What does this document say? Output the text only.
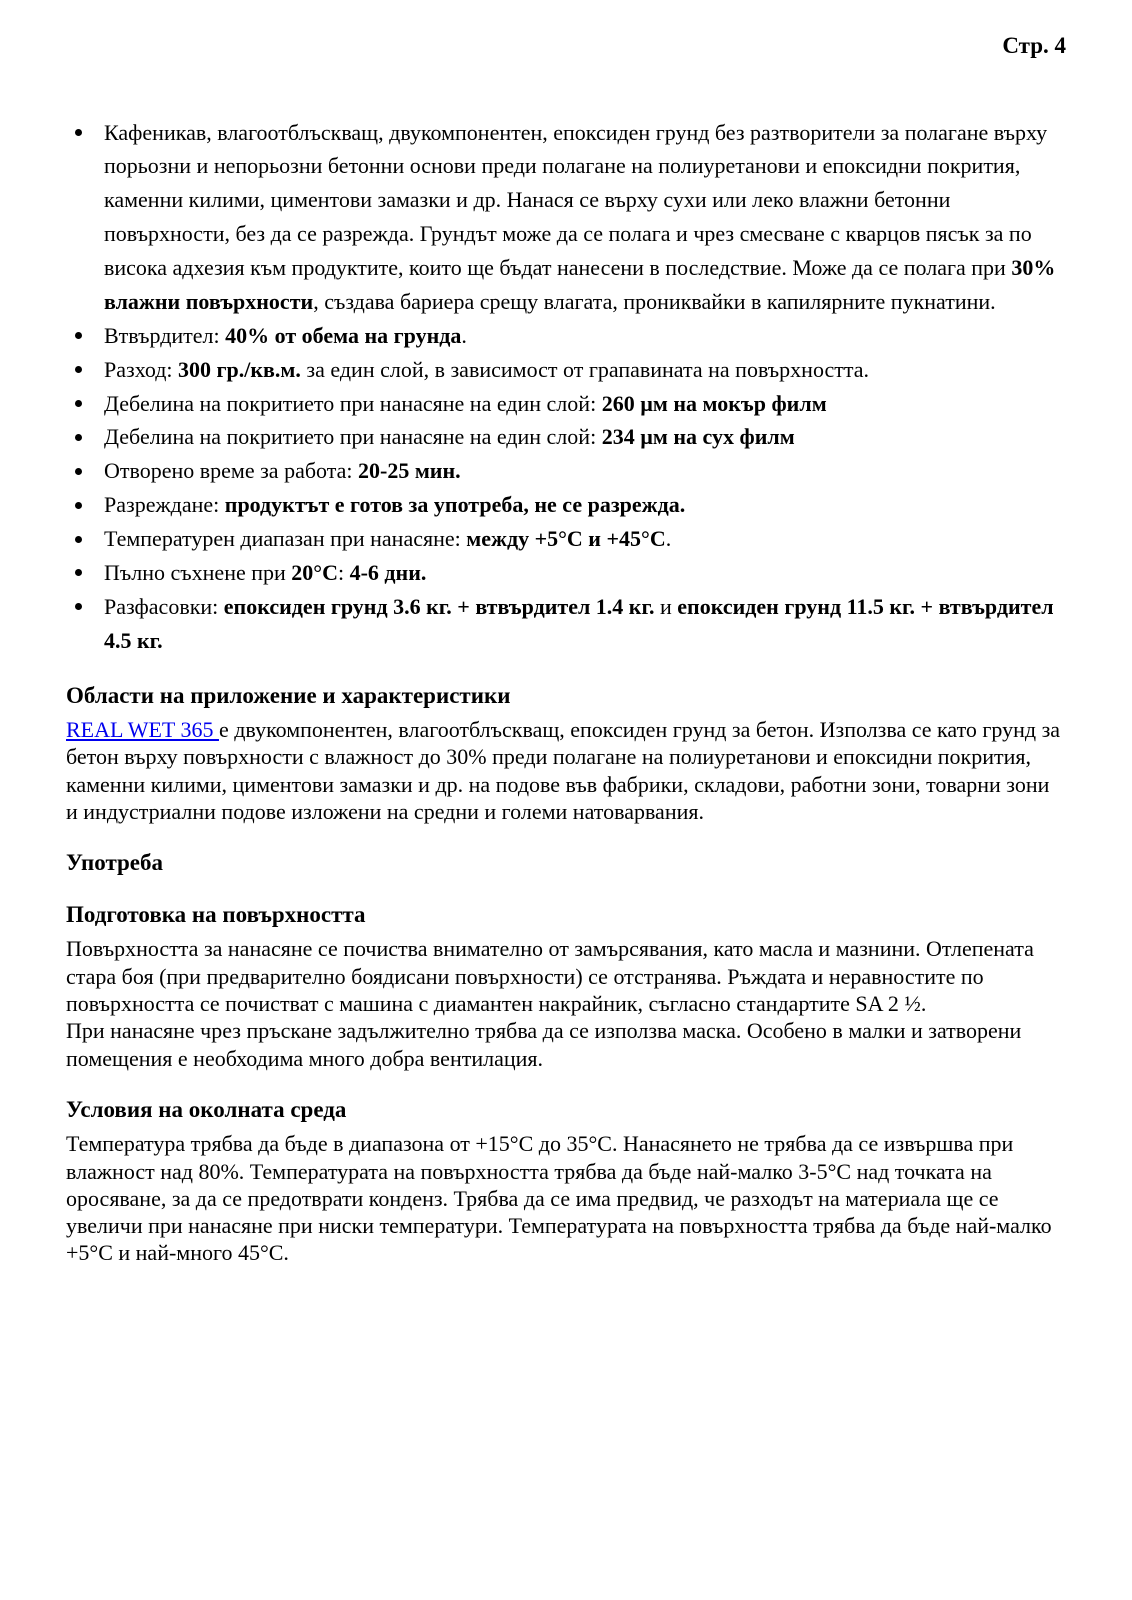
Стр. 4
Кафеникав, влагоотблъскващ, двукомпонентен, епоксиден грунд без разтворители за полагане върху порьозни и непорьозни бетонни основи преди полагане на полиуретанови и епоксидни покрития, каменни килими, циментови замазки и др. Нанася се върху сухи или леко влажни бетонни повърхности, без да се разрежда. Грундът може да се полага и чрез смесване с кварцов пясък за по висока адхезия към продуктите, които ще бъдат нанесени в последствие. Може да се полага при 30% влажни повърхности, създава бариера срещу влагата, прониквайки в капилярните пукнатини.
Втвърдител: 40% от обема на грунда.
Разход: 300 гр./кв.м. за един слой, в зависимост от грапавината на повърхността.
Дебелина на покритието при нанасяне на един слой: 260 µм на мокър филм
Дебелина на покритието при нанасяне на един слой: 234 µм на сух филм
Отворено време за работа: 20-25 мин.
Разреждане: продуктът е готов за употреба, не се разрежда.
Температурен диапазан при нанасяне: между +5°С и +45°С.
Пълно съхнене при 20°С: 4-6 дни.
Разфасовки: епоксиден грунд 3.6 кг. + втвърдител 1.4 кг. и епоксиден грунд 11.5 кг. + втвърдител 4.5 кг.
Области на приложение и характеристики

REAL WET 365 е двукомпонентен, влагоотблъскващ, епоксиден грунд за бетон. Използва се като грунд за бетон върху повърхности с влажност до 30% преди полагане на полиуретанови и епоксидни покрития, каменни килими, циментови замазки и др. на подове във фабрики, складови, работни зони, товарни зони и индустриални подове изложени на средни и големи натоварвания.

Употреба
Подготовка на повърхността

Повърхността за нанасяне се почиства внимателно от замърсявания, като масла и мазнини. Отлепената стара боя (при предварително боядисани повърхности) се отстранява. Ръждата и неравностите по повърхността се почистват с машина с диамантен накрайник, съгласно стандартите SA 2 ½.

При нанасяне чрез пръскане задължително трябва да се използва маска. Особено в малки и затворени помещения е необходима много добра вентилация.

Условия на околната среда

Температура трябва да бъде в диапазона от +15°С до 35°С. Нанасянето не трябва да се извършва при влажност над 80%. Температурата на повърхността трябва да бъде най-малко 3-5°С над точката на оросяване, за да се предотврати конденз. Трябва да се има предвид, че разходът на материала ще се увеличи при нанасяне при ниски температури. Температурата на повърхността трябва да бъде най-малко +5°С и най-много 45°С.
